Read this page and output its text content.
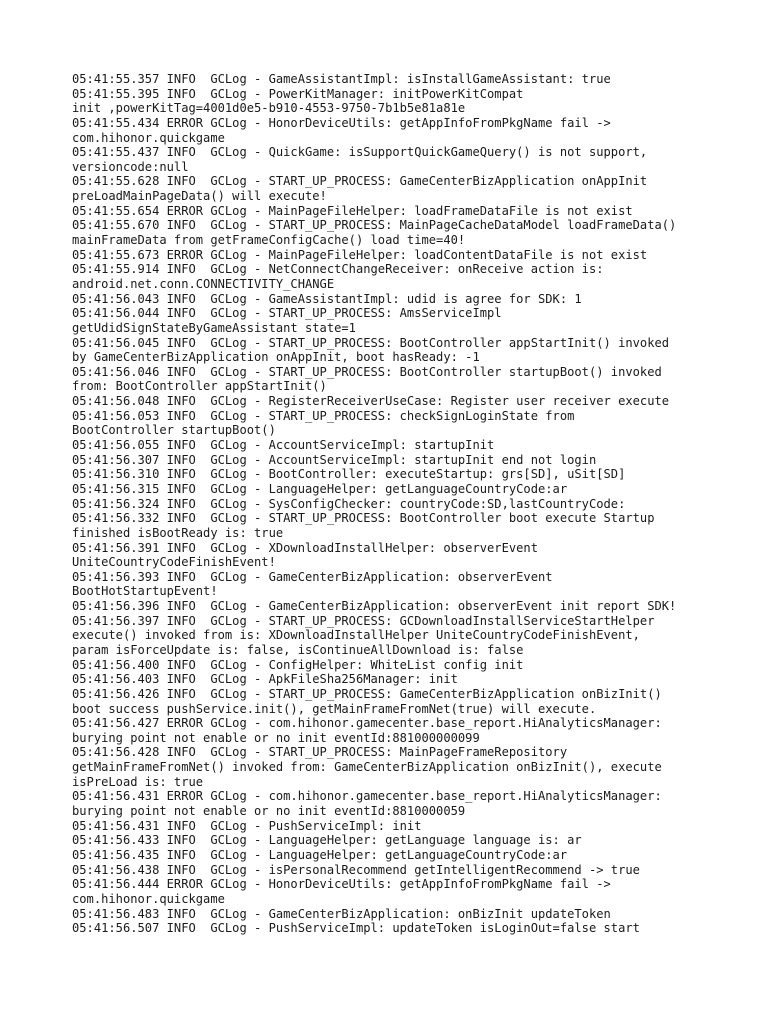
05:41:55.357 INFO  GCLog - GameAssistantImpl: isInstallGameAssistant: true
05:41:55.395 INFO  GCLog - PowerKitManager: initPowerKitCompat
init ,powerKitTag=4001d0e5-b910-4553-9750-7b1b5e81a81e
05:41:55.434 ERROR GCLog - HonorDeviceUtils: getAppInfoFromPkgName fail ->
com.hihonor.quickgame
05:41:55.437 INFO  GCLog - QuickGame: isSupportQuickGameQuery() is not support,
versioncode:null
05:41:55.628 INFO  GCLog - START_UP_PROCESS: GameCenterBizApplication onAppInit
preLoadMainPageData() will execute!
05:41:55.654 ERROR GCLog - MainPageFileHelper: loadFrameDataFile is not exist
05:41:55.670 INFO  GCLog - START_UP_PROCESS: MainPageCacheDataModel loadFrameData()
mainFrameData from getFrameConfigCache() load time=40!
05:41:55.673 ERROR GCLog - MainPageFileHelper: loadContentDataFile is not exist
05:41:55.914 INFO  GCLog - NetConnectChangeReceiver: onReceive action is:
android.net.conn.CONNECTIVITY_CHANGE
05:41:56.043 INFO  GCLog - GameAssistantImpl: udid is agree for SDK: 1
05:41:56.044 INFO  GCLog - START_UP_PROCESS: AmsServiceImpl
getUdidSignStateByGameAssistant state=1
05:41:56.045 INFO  GCLog - START_UP_PROCESS: BootController appStartInit() invoked
by GameCenterBizApplication onAppInit, boot hasReady: -1
05:41:56.046 INFO  GCLog - START_UP_PROCESS: BootController startupBoot() invoked
from: BootController appStartInit()
05:41:56.048 INFO  GCLog - RegisterReceiverUseCase: Register user receiver execute
05:41:56.053 INFO  GCLog - START_UP_PROCESS: checkSignLoginState from
BootController startupBoot()
05:41:56.055 INFO  GCLog - AccountServiceImpl: startupInit
05:41:56.307 INFO  GCLog - AccountServiceImpl: startupInit end not login
05:41:56.310 INFO  GCLog - BootController: executeStartup: grs[SD], uSit[SD]
05:41:56.315 INFO  GCLog - LanguageHelper: getLanguageCountryCode:ar
05:41:56.324 INFO  GCLog - SysConfigChecker: countryCode:SD,lastCountryCode:
05:41:56.332 INFO  GCLog - START_UP_PROCESS: BootController boot execute Startup
finished isBootReady is: true
05:41:56.391 INFO  GCLog - XDownloadInstallHelper: observerEvent
UniteCountryCodeFinishEvent!
05:41:56.393 INFO  GCLog - GameCenterBizApplication: observerEvent
BootHotStartupEvent!
05:41:56.396 INFO  GCLog - GameCenterBizApplication: observerEvent init report SDK!
05:41:56.397 INFO  GCLog - START_UP_PROCESS: GCDownloadInstallServiceStartHelper
execute() invoked from is: XDownloadInstallHelper UniteCountryCodeFinishEvent,
param isForceUpdate is: false, isContinueAllDownload is: false
05:41:56.400 INFO  GCLog - ConfigHelper: WhiteList config init
05:41:56.403 INFO  GCLog - ApkFileSha256Manager: init
05:41:56.426 INFO  GCLog - START_UP_PROCESS: GameCenterBizApplication onBizInit()
boot success pushService.init(), getMainFrameFromNet(true) will execute.
05:41:56.427 ERROR GCLog - com.hihonor.gamecenter.base_report.HiAnalyticsManager:
burying point not enable or no init eventId:881000000099
05:41:56.428 INFO  GCLog - START_UP_PROCESS: MainPageFrameRepository
getMainFrameFromNet() invoked from: GameCenterBizApplication onBizInit(), execute
isPreLoad is: true
05:41:56.431 ERROR GCLog - com.hihonor.gamecenter.base_report.HiAnalyticsManager:
burying point not enable or no init eventId:8810000059
05:41:56.431 INFO  GCLog - PushServiceImpl: init
05:41:56.433 INFO  GCLog - LanguageHelper: getLanguage language is: ar
05:41:56.435 INFO  GCLog - LanguageHelper: getLanguageCountryCode:ar
05:41:56.438 INFO  GCLog - isPersonalRecommend getIntelligentRecommend -> true
05:41:56.444 ERROR GCLog - HonorDeviceUtils: getAppInfoFromPkgName fail ->
com.hihonor.quickgame
05:41:56.483 INFO  GCLog - GameCenterBizApplication: onBizInit updateToken
05:41:56.507 INFO  GCLog - PushServiceImpl: updateToken isLoginOut=false start
